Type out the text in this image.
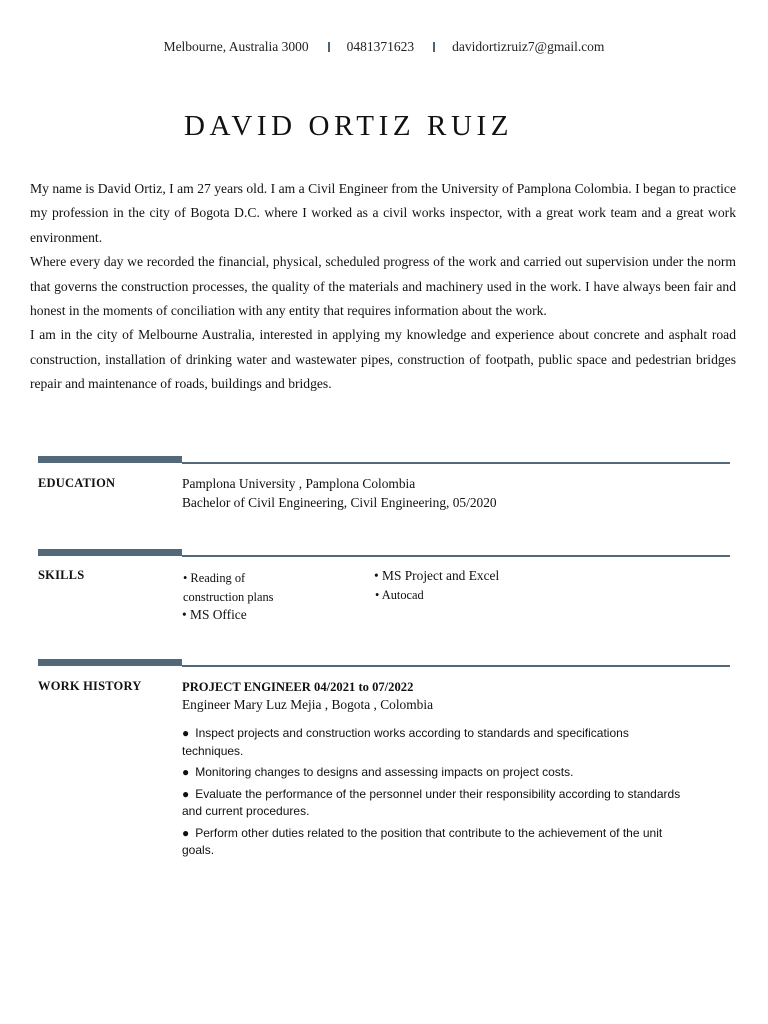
Melbourne, Australia 3000	0481371623	davidortizruiz7@gmail.com
DAVID ORTIZ RUIZ

My name is David Ortiz, I am 27 years old. I am a Civil Engineer from the University of Pamplona Colombia. I began to practice my profession in the city of Bogota D.C. where I worked as a civil works inspector, with a great work team and a great work environment.

Where every day we recorded the financial, physical, scheduled progress of the work and carried out supervision under the norm that governs the construction processes, the quality of the materials and machinery used in the work. I have always been fair and honest in the moments of conciliation with any entity that requires information about the work.

I am in the city of Melbourne Australia, interested in applying my knowledge and experience about concrete and asphalt road construction, installation of drinking water and wastewater pipes, construction of footpath, public space and pedestrian bridges repair and maintenance of roads, buildings and bridges.

EDUCATION	Pamplona University , Pamplona Colombia
Bachelor of Civil Engineering, Civil Engineering, 05/2020
SKILLS	• Reading of construction plans
• MS Office
• MS Project and Excel
• Autocad
WORK HISTORY	PROJECT ENGINEER 04/2021 to 07/2022
Engineer Mary Luz Mejia , Bogota , Colombia
● Inspect projects and construction works according to standards and specifications techniques.
● Monitoring changes to designs and assessing impacts on project costs.
● Evaluate the performance of the personnel under their responsibility according to standards and current procedures.
● Perform other duties related to the position that contribute to the achievement of the unit goals.
